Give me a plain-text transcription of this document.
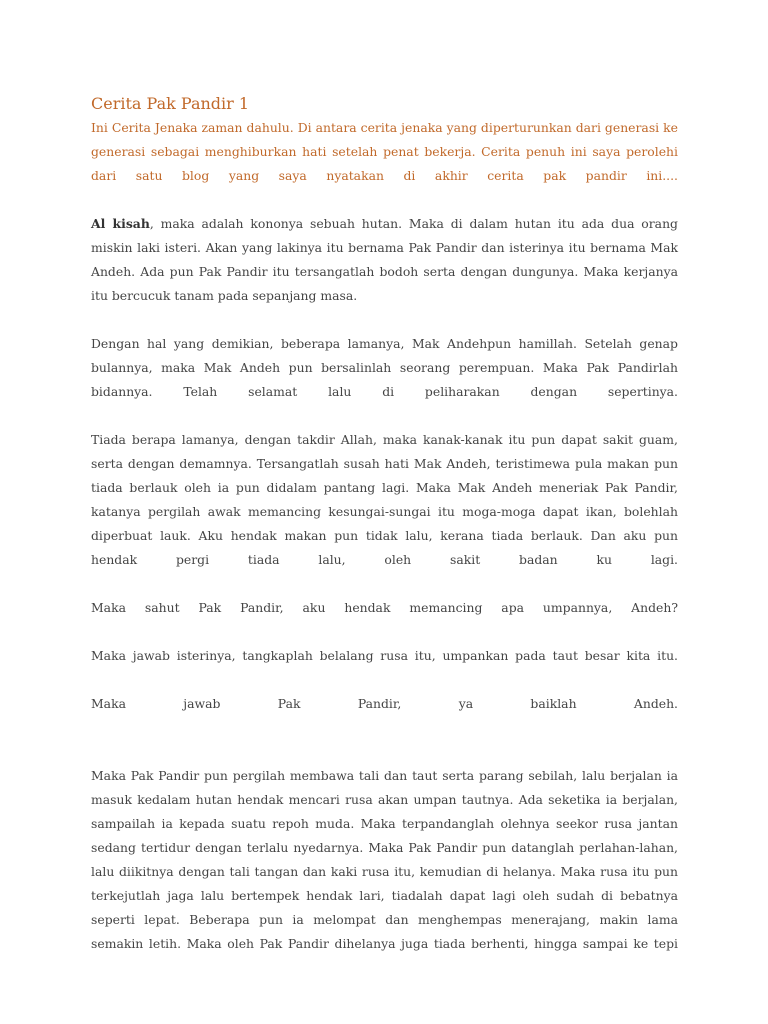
Cerita Pak Pandir 1

Ini Cerita Jenaka zaman dahulu. Di antara cerita jenaka yang diperturunkan dari generasi ke generasi sebagai menghiburkan hati setelah penat bekerja. Cerita penuh ini saya perolehi dari satu blog yang saya nyatakan di akhir cerita pak pandir ini....

Al kisah, maka adalah kononya sebuah hutan. Maka di dalam hutan itu ada dua orang miskin laki isteri. Akan yang lakinya itu bernama Pak Pandir dan isterinya itu bernama Mak Andeh. Ada pun Pak Pandir itu tersangatlah bodoh serta dengan dungunya. Maka kerjanya itu bercucuk tanam pada sepanjang masa.

Dengan hal yang demikian, beberapa lamanya, Mak Andehpun hamillah. Setelah genap bulannya, maka Mak Andeh pun bersalinlah seorang perempuan. Maka Pak Pandirlah bidannya. Telah selamat lalu di peliharakan dengan sepertinya.

Tiada berapa lamanya, dengan takdir Allah, maka kanak-kanak itu pun dapat sakit guam, serta dengan demamnya. Tersangatlah susah hati Mak Andeh, teristimewa pula makan pun tiada berlauk oleh ia pun didalam pantang lagi. Maka Mak Andeh meneriak Pak Pandir, katanya pergilah awak memancing kesungai-sungai itu moga-moga dapat ikan, bolehlah diperbuat lauk. Aku hendak makan pun tidak lalu, kerana tiada berlauk. Dan aku pun hendak pergi tiada lalu, oleh sakit badan ku lagi.

Maka sahut Pak Pandir, aku hendak memancing apa umpannya, Andeh?

Maka jawab isterinya, tangkaplah belalang rusa itu, umpankan pada taut besar kita itu.

Maka jawab Pak Pandir, ya baiklah Andeh.

Maka Pak Pandir pun pergilah membawa tali dan taut serta parang sebilah, lalu berjalan ia masuk kedalam hutan hendak mencari rusa akan umpan tautnya. Ada seketika ia berjalan, sampailah ia kepada suatu repoh muda. Maka terpandanglah olehnya seekor rusa jantan sedang tertidur dengan terlalu nyedarnya. Maka Pak Pandir pun datanglah perlahan-lahan, lalu diikitnya dengan tali tangan dan kaki rusa itu, kemudian di helanya. Maka rusa itu pun terkejutlah jaga lalu bertempek hendak lari, tiadalah dapat lagi oleh sudah di bebatnya seperti lepat. Beberapa pun ia melompat dan menghempas menerajang, makin lama semakin letih. Maka oleh Pak Pandir dihelanya juga tiada berhenti, hingga sampai ke tepi
